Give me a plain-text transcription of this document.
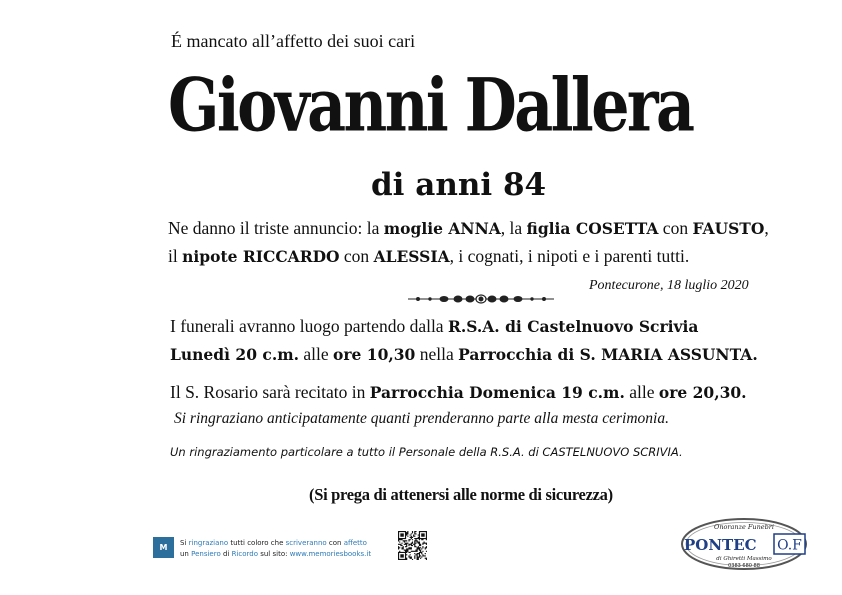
É mancato all’affetto dei suoi cari
Giovanni Dallera
di anni 84
Ne danno il triste annuncio: la moglie ANNA, la figlia COSETTA con FAUSTO,
il nipote RICCARDO con ALESSIA, i cognati, i nipoti e i parenti tutti.
Pontecurone, 18 luglio 2020
I funerali avranno luogo partendo dalla R.S.A. di Castelnuovo Scrivia
Lunedì 20 c.m. alle ore 10,30 nella Parrocchia di S. MARIA ASSUNTA.
Il S. Rosario sarà recitato in Parrocchia Domenica 19 c.m. alle ore 20,30.
Si ringraziano anticipatamente quanti prenderanno parte alla mesta cerimonia.
Un ringraziamento particolare a tutto il Personale della R.S.A. di CASTELNUOVO SCRIVIA.
(Si prega di attenersi alle norme di sicurezza)
M	Si ringraziano tutti coloro che scriveranno con affetto
un Pensiero di Ricordo sul sito: www.memoriesbooks.it
Onoranze Funebri
PONTEC O.F
di Ghiretti Massimo
0383 680 88
